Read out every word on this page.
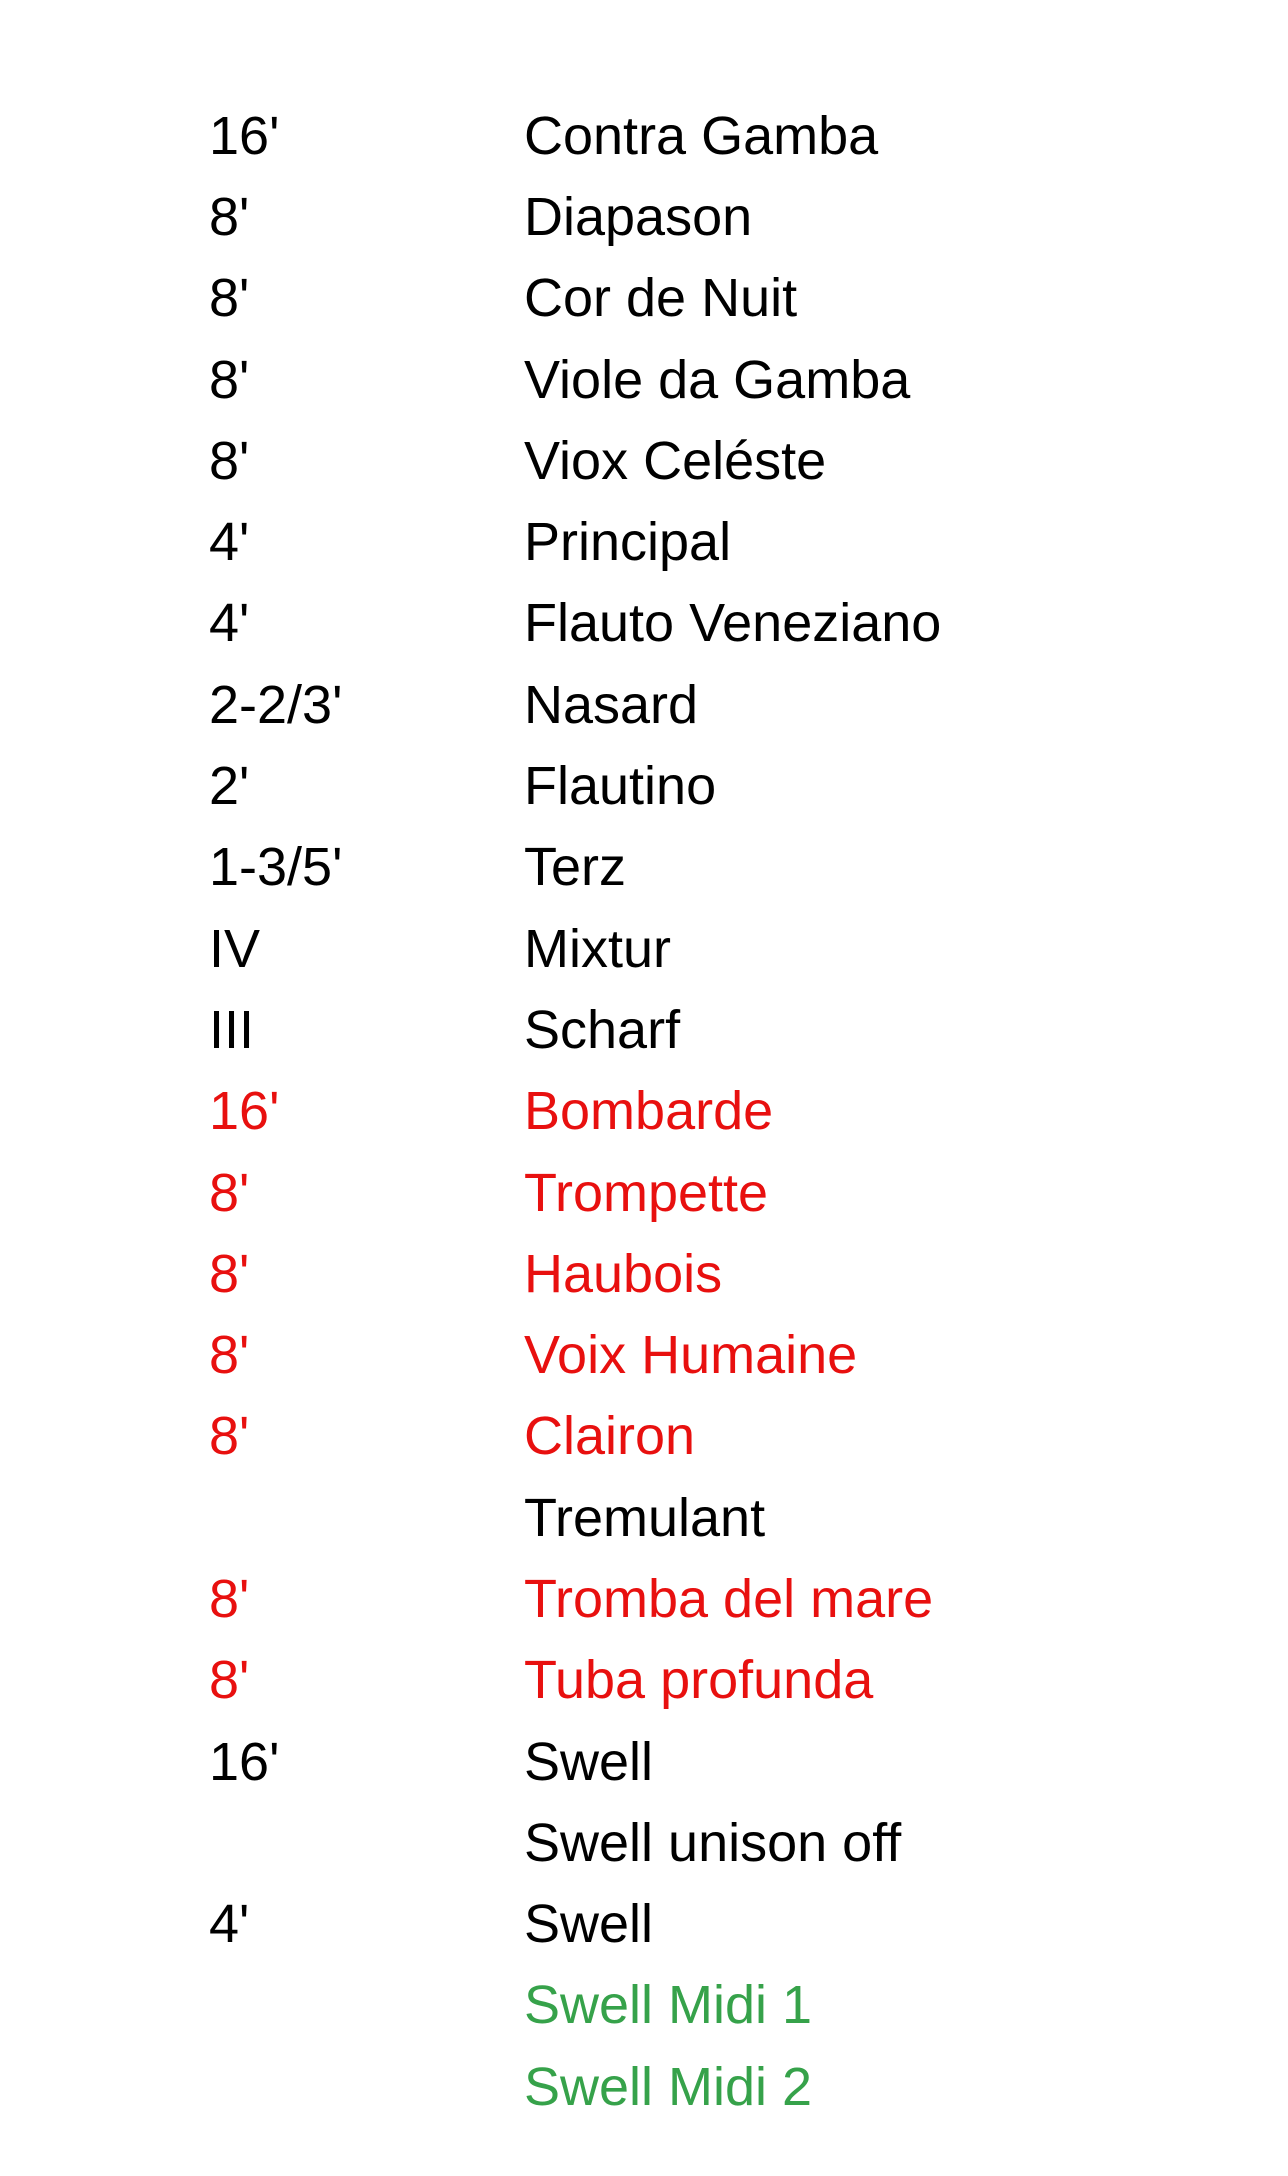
16'	Contra Gamba
8'	Diapason
8'	Cor de Nuit
8'	Viole da Gamba
8'	Viox Celéste
4'	Principal
4'	Flauto Veneziano
2-2/3'	Nasard
2'	Flautino
1-3/5'	Terz
IV	Mixtur
III	Scharf
16'	Bombarde
8'	Trompette
8'	Haubois
8'	Voix Humaine
8'	Clairon
Tremulant
8'	Tromba del mare
8'	Tuba profunda
16'	Swell
Swell unison off
4'	Swell
Swell Midi 1
Swell Midi 2
